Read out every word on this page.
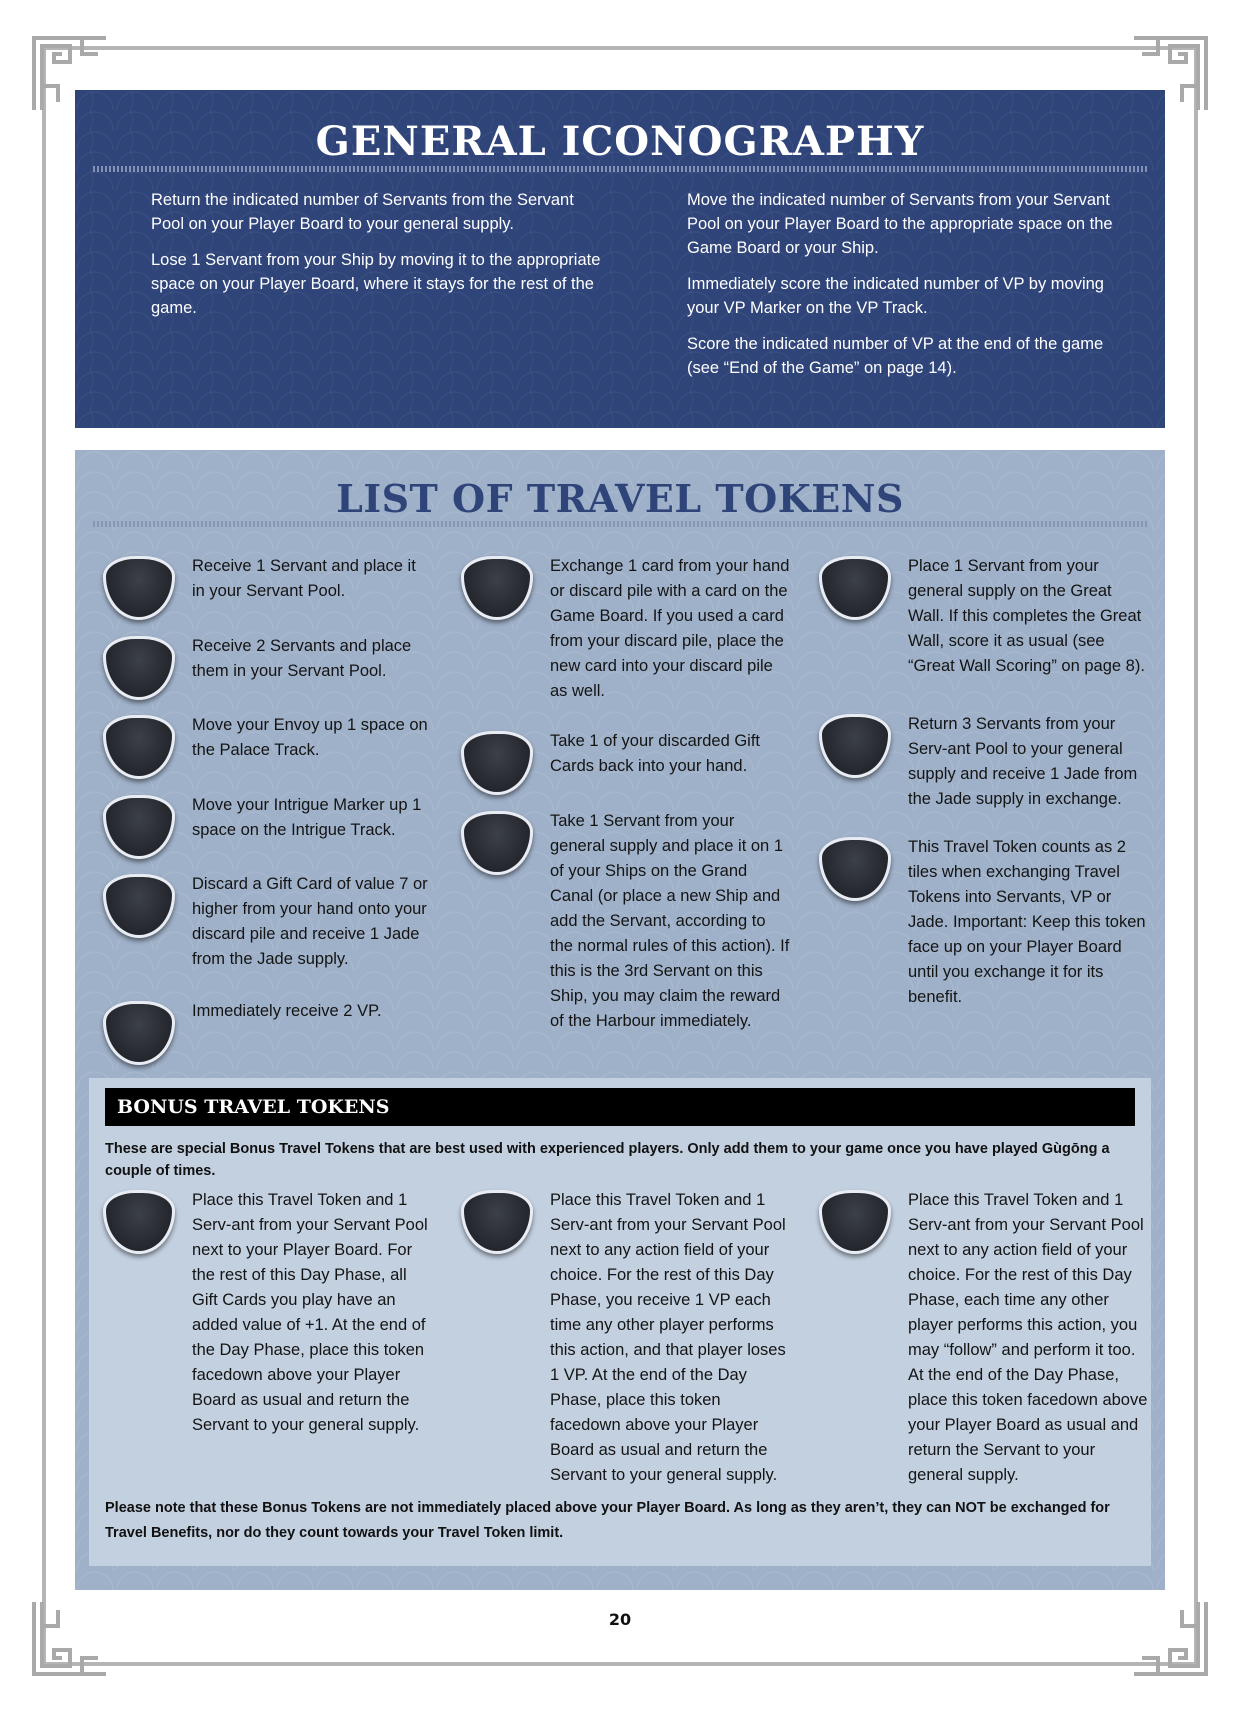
GENERAL ICONOGRAPHY

Return the indicated number of Servants from the Servant Pool on your Player Board to your general supply.

Lose 1 Servant from your Ship by moving it to the appropriate space on your Player Board, where it stays for the rest of the game.

Move the indicated number of Servants from your Servant Pool on your Player Board to the appropriate space on the Game Board or your Ship.

Immediately score the indicated number of VP by moving your VP Marker on the VP Track.

Score the indicated number of VP at the end of the game (see “End of the Game” on page 14).

LIST OF TRAVEL TOKENS
Receive 1 Servant and place it in your Servant Pool.
Receive 2 Servants and place them in your Servant Pool.
Move your Envoy up 1 space on the Palace Track.
Move your Intrigue Marker up 1 space on the Intrigue Track.
Discard a Gift Card of value 7 or higher from your hand onto your discard pile and receive 1 Jade from the Jade supply.
Immediately receive 2 VP.
Exchange 1 card from your hand or discard pile with a card on the Game Board. If you used a card from your discard pile, place the new card into your discard pile as well.
Take 1 of your discarded Gift Cards back into your hand.
Take 1 Servant from your general supply and place it on 1 of your Ships on the Grand Canal (or place a new Ship and add the Servant, according to the normal rules of this action). If this is the 3rd Servant on this Ship, you may claim the reward of the Harbour immediately.
Place 1 Servant from your general supply on the Great Wall. If this completes the Great Wall, score it as usual (see “Great Wall Scoring” on page 8).
Return 3 Servants from your Serv-ant Pool to your general supply and receive 1 Jade from the Jade supply in exchange.
This Travel Token counts as 2 tiles when exchanging Travel Tokens into Servants, VP or Jade. Important: Keep this token face up on your Player Board until you exchange it for its benefit.
BONUS TRAVEL TOKENS
These are special Bonus Travel Tokens that are best used with experienced players. Only add them to your game once you have played Gùgōng a couple of times.
Place this Travel Token and 1 Serv-ant from your Servant Pool next to your Player Board. For the rest of this Day Phase, all Gift Cards you play have an added value of +1. At the end of the Day Phase, place this token facedown above your Player Board as usual and return the Servant to your general supply.
Place this Travel Token and 1 Serv-ant from your Servant Pool next to any action field of your choice. For the rest of this Day Phase, you receive 1 VP each time any other player performs this action, and that player loses 1 VP. At the end of the Day Phase, place this token facedown above your Player Board as usual and return the Servant to your general supply.
Place this Travel Token and 1 Serv-ant from your Servant Pool next to any action field of your choice. For the rest of this Day Phase, each time any other player performs this action, you may “follow” and perform it too. At the end of the Day Phase, place this token facedown above your Player Board as usual and return the Servant to your general supply.
Please note that these Bonus Tokens are not immediately placed above your Player Board. As long as they aren’t, they can NOT be exchanged for Travel Benefits, nor do they count towards your Travel Token limit.
20
